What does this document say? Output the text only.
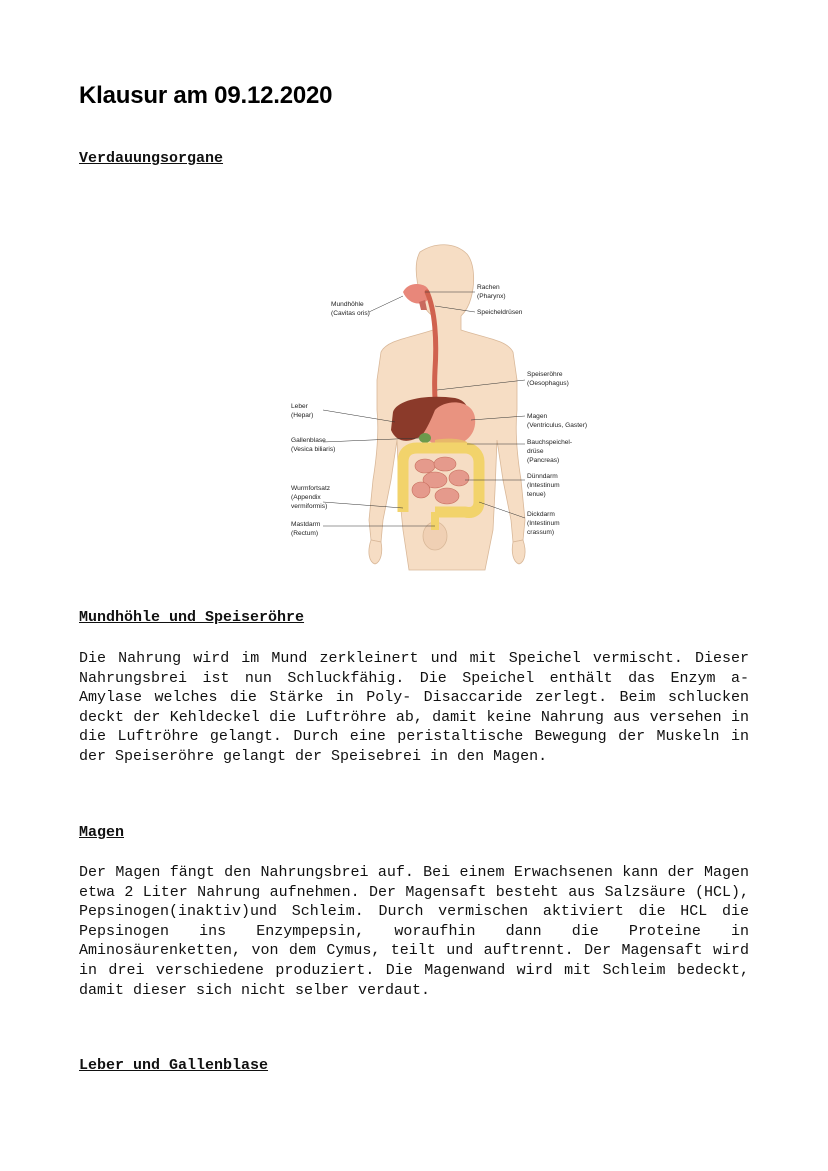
Klausur am 09.12.2020
Verdauungsorgane
Rachen
(Pharynx)
Mundhöhle
(Cavitas oris)	Speicheldrüsen
Speiseröhre
(Oesophagus)
Leber
(Hepar)	Magen
(Ventriculus, Gaster)
Gallenblase
(Vesica biliaris)
Bauchspeichel-
drüse
(Pancreas)
Dünndarm
(Intestinum
tenue)
Wurmfortsatz
(Appendix
vermiformis)
Dickdarm
(Intestinum
crassum)
Mastdarm
(Rectum)
Mundhöhle und Speiseröhre

Die Nahrung wird im Mund zerkleinert und mit Speichel vermischt. Dieser Nahrungsbrei ist nun Schluckfähig. Die Speichel enthält das Enzym a-Amylase welches die Stärke in Poly- Disaccaride zerlegt. Beim schlucken deckt der Kehldeckel die Luftröhre ab, damit keine Nahrung aus versehen in die Luftröhre gelangt. Durch eine peristaltische Bewegung der Muskeln in der Speiseröhre gelangt der Speisebrei in den Magen.

Magen

Der Magen fängt den Nahrungsbrei auf. Bei einem Erwachsenen kann der Magen etwa 2 Liter Nahrung aufnehmen. Der Magensaft besteht aus Salzsäure (HCL), Pepsinogen(inaktiv)und Schleim. Durch vermischen aktiviert die HCL die Pepsinogen ins Enzympepsin, woraufhin dann die Proteine in Aminosäurenketten, von dem Cymus, teilt und auftrennt. Der Magensaft wird in drei verschiedene produziert. Die Magenwand wird mit Schleim bedeckt, damit dieser sich nicht selber verdaut.

Leber und Gallenblase
